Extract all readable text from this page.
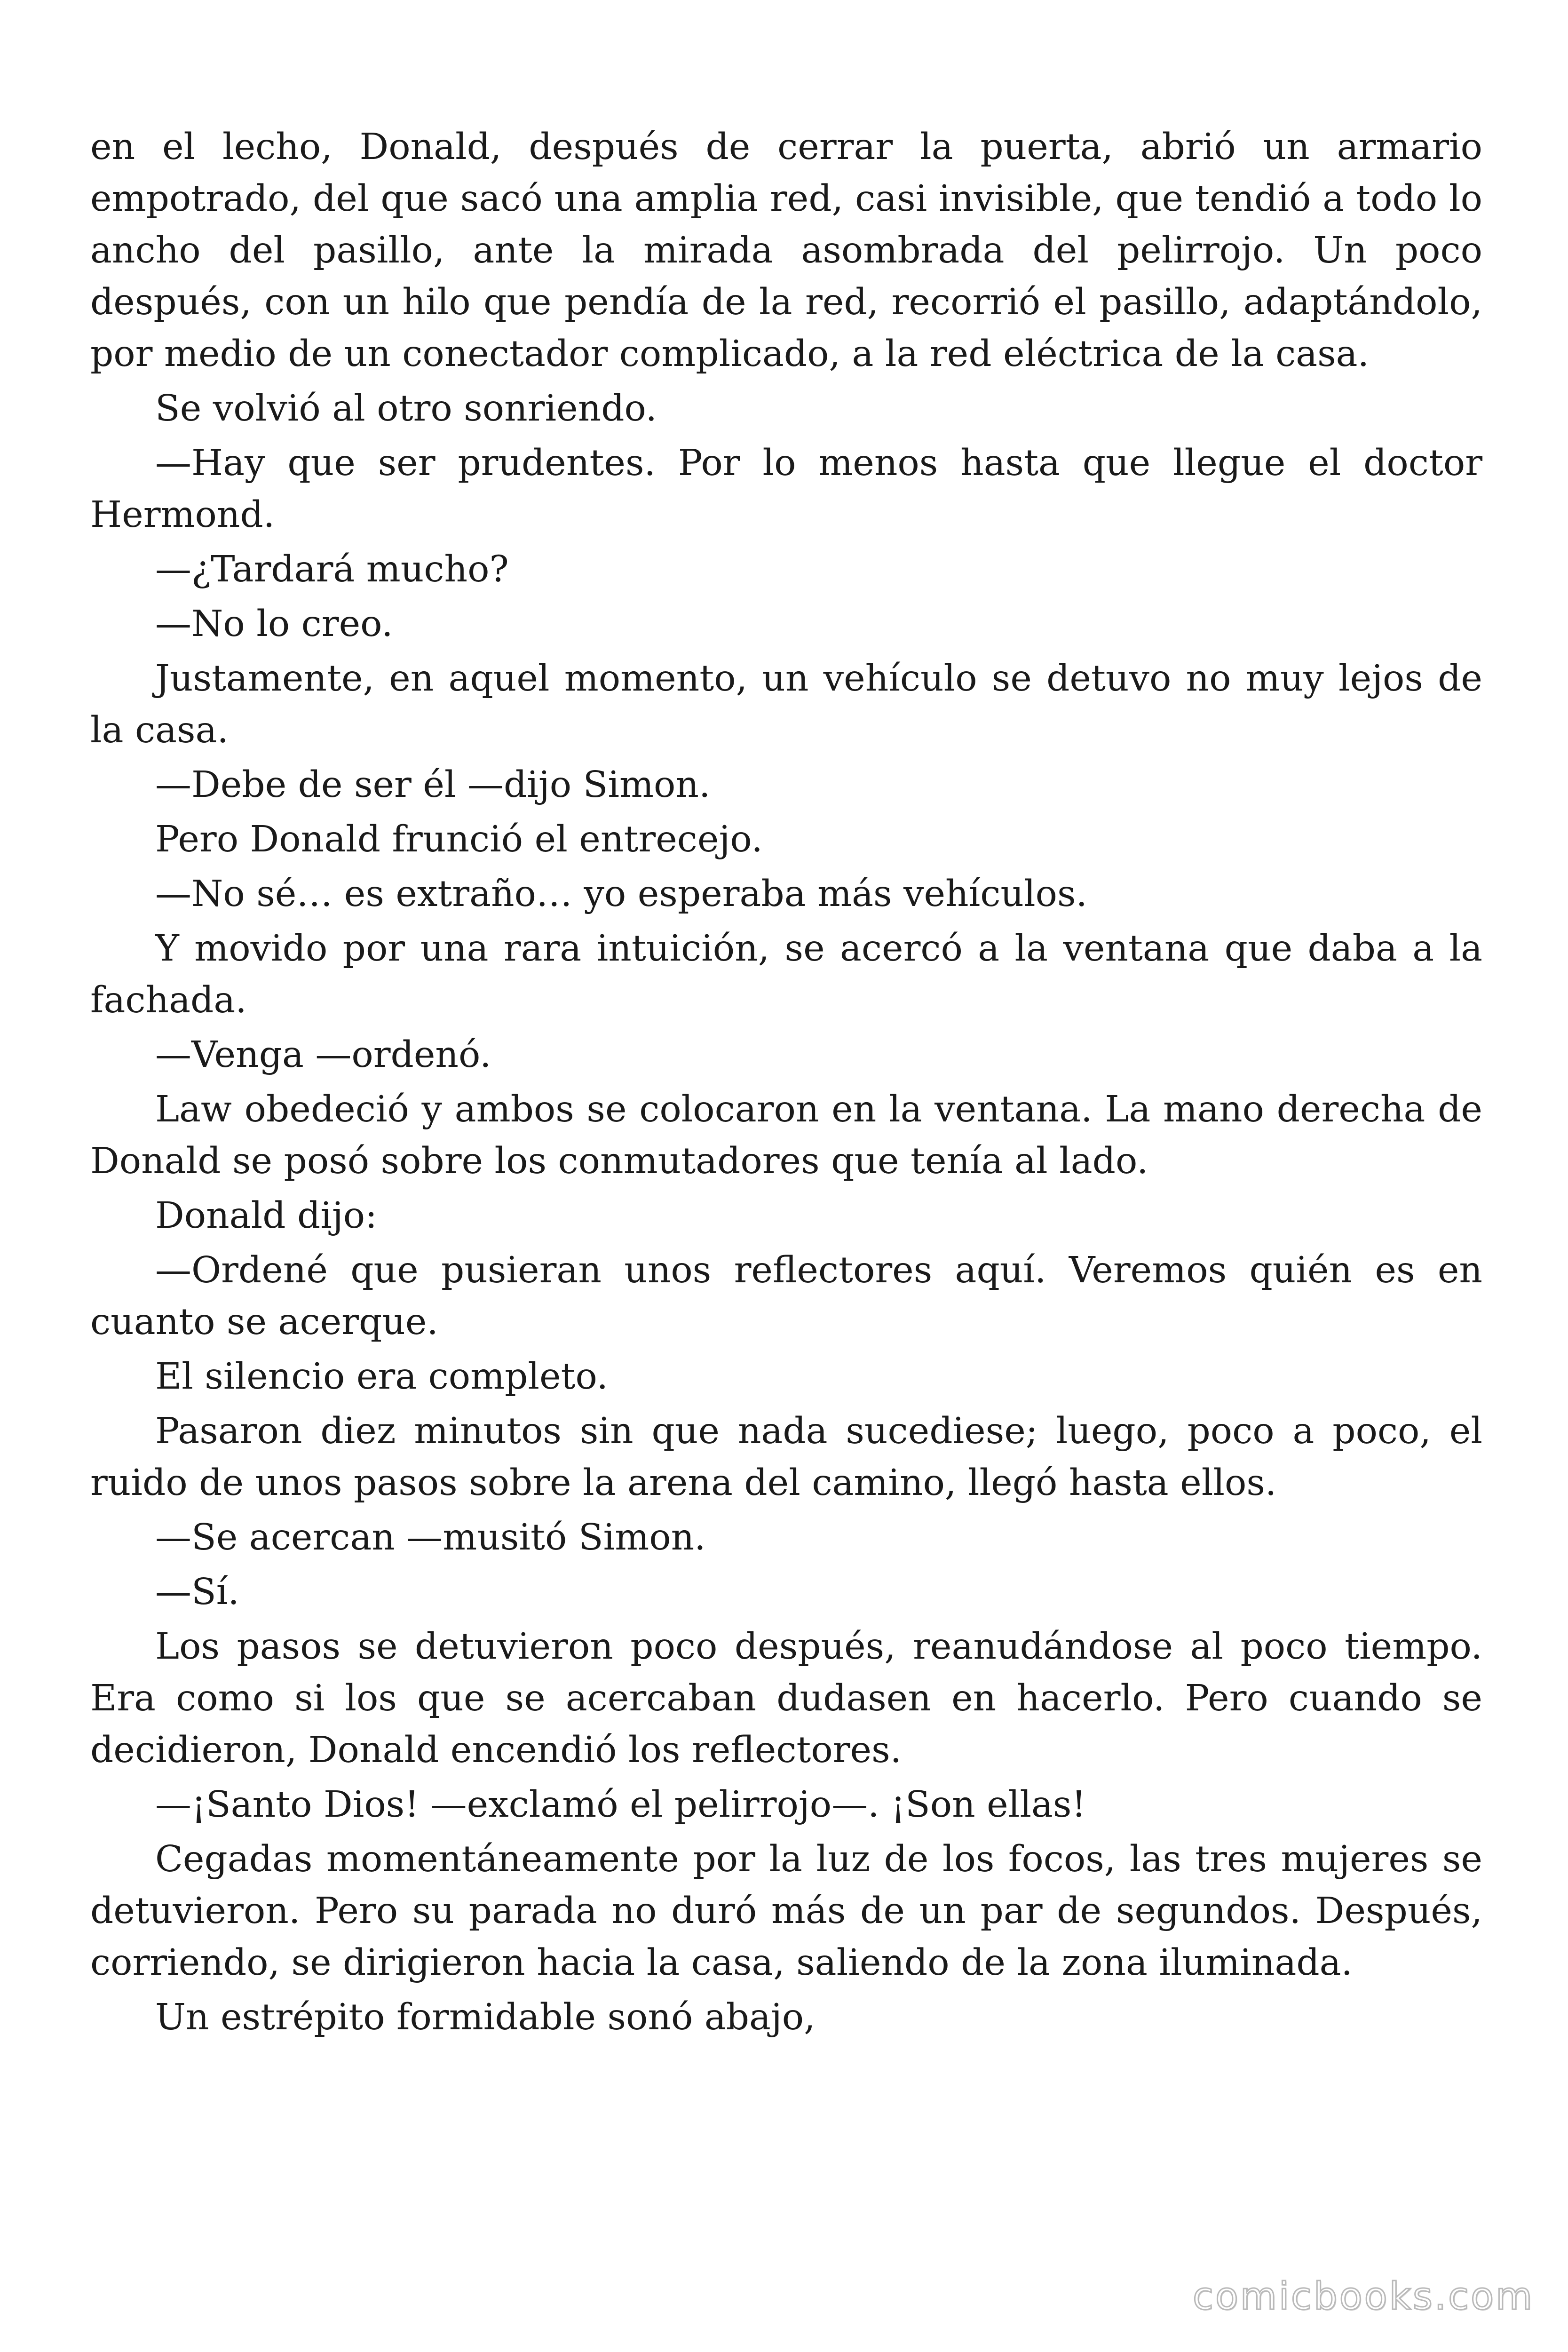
en el lecho, Donald, después de cerrar la puerta, abrió un armario empotrado, del que sacó una amplia red, casi invisible, que tendió a todo lo ancho del pasillo, ante la mirada asombrada del pelirrojo. Un poco después, con un hilo que pendía de la red, recorrió el pasillo, adaptándolo, por medio de un conectador complicado, a la red eléctrica de la casa.

Se volvió al otro sonriendo.

—Hay que ser prudentes. Por lo menos hasta que llegue el doctor Hermond.

—¿Tardará mucho?

—No lo creo.

Justamente, en aquel momento, un vehículo se detuvo no muy lejos de la casa.

—Debe de ser él —dijo Simon.

Pero Donald frunció el entrecejo.

—No sé… es extraño… yo esperaba más vehículos.

Y movido por una rara intuición, se acercó a la ventana que daba a la fachada.

—Venga —ordenó.

Law obedeció y ambos se colocaron en la ventana. La mano derecha de Donald se posó sobre los conmutadores que tenía al lado.

Donald dijo:

—Ordené que pusieran unos reflectores aquí. Veremos quién es en cuanto se acerque.

El silencio era completo.

Pasaron diez minutos sin que nada sucediese; luego, poco a poco, el ruido de unos pasos sobre la arena del camino, llegó hasta ellos.

—Se acercan —musitó Simon.

—Sí.

Los pasos se detuvieron poco después, reanudándose al poco tiempo. Era como si los que se acercaban dudasen en hacerlo. Pero cuando se decidieron, Donald encendió los reflectores.

—¡Santo Dios! —exclamó el pelirrojo—. ¡Son ellas!

Cegadas momentáneamente por la luz de los focos, las tres mujeres se detuvieron. Pero su parada no duró más de un par de segundos. Después, corriendo, se dirigieron hacia la casa, saliendo de la zona iluminada.

Un estrépito formidable sonó abajo,

comicbooks.com
